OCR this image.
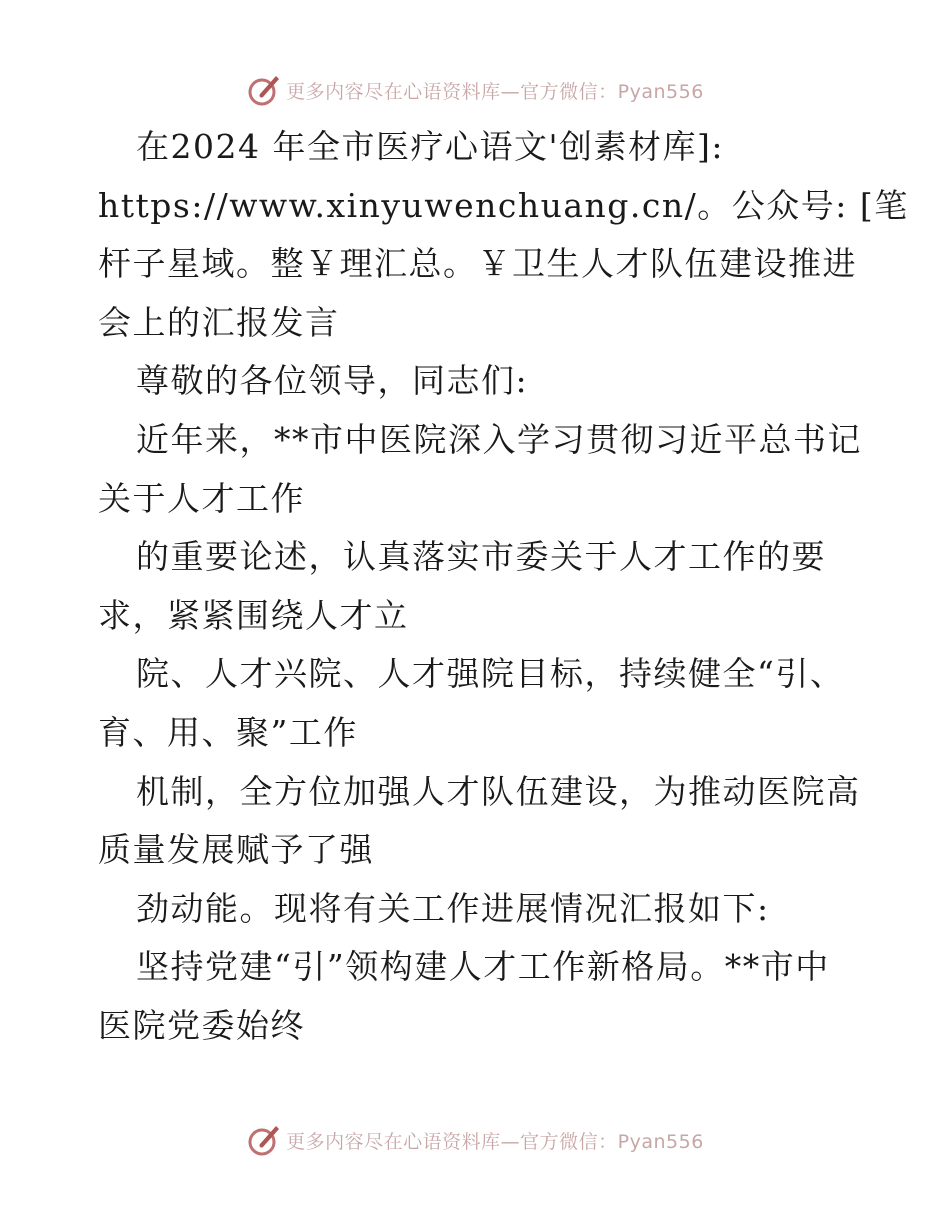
更多内容尽在心语资料库—官方微信：Pyan556
在2024 年全市医疗心语文'创素材库]:
https://www.xinyuwenchuang.cn/。公众号: [笔
杆子星域。整￥理汇总。￥卫生人才队伍建设推进
会上的汇报发言
尊敬的各位领导，同志们:
近年来，**市中医院深入学习贯彻习近平总书记
关于人才工作
的重要论述，认真落实市委关于人才工作的要
求，紧紧围绕人才立
院、人才兴院、人才强院目标，持续健全“引、
育、用、聚”工作
机制，全方位加强人才队伍建设，为推动医院高
质量发展赋予了强
劲动能。现将有关工作进展情况汇报如下:
坚持党建“引”领构建人才工作新格局。**市中
医院党委始终
更多内容尽在心语资料库—官方微信：Pyan556
